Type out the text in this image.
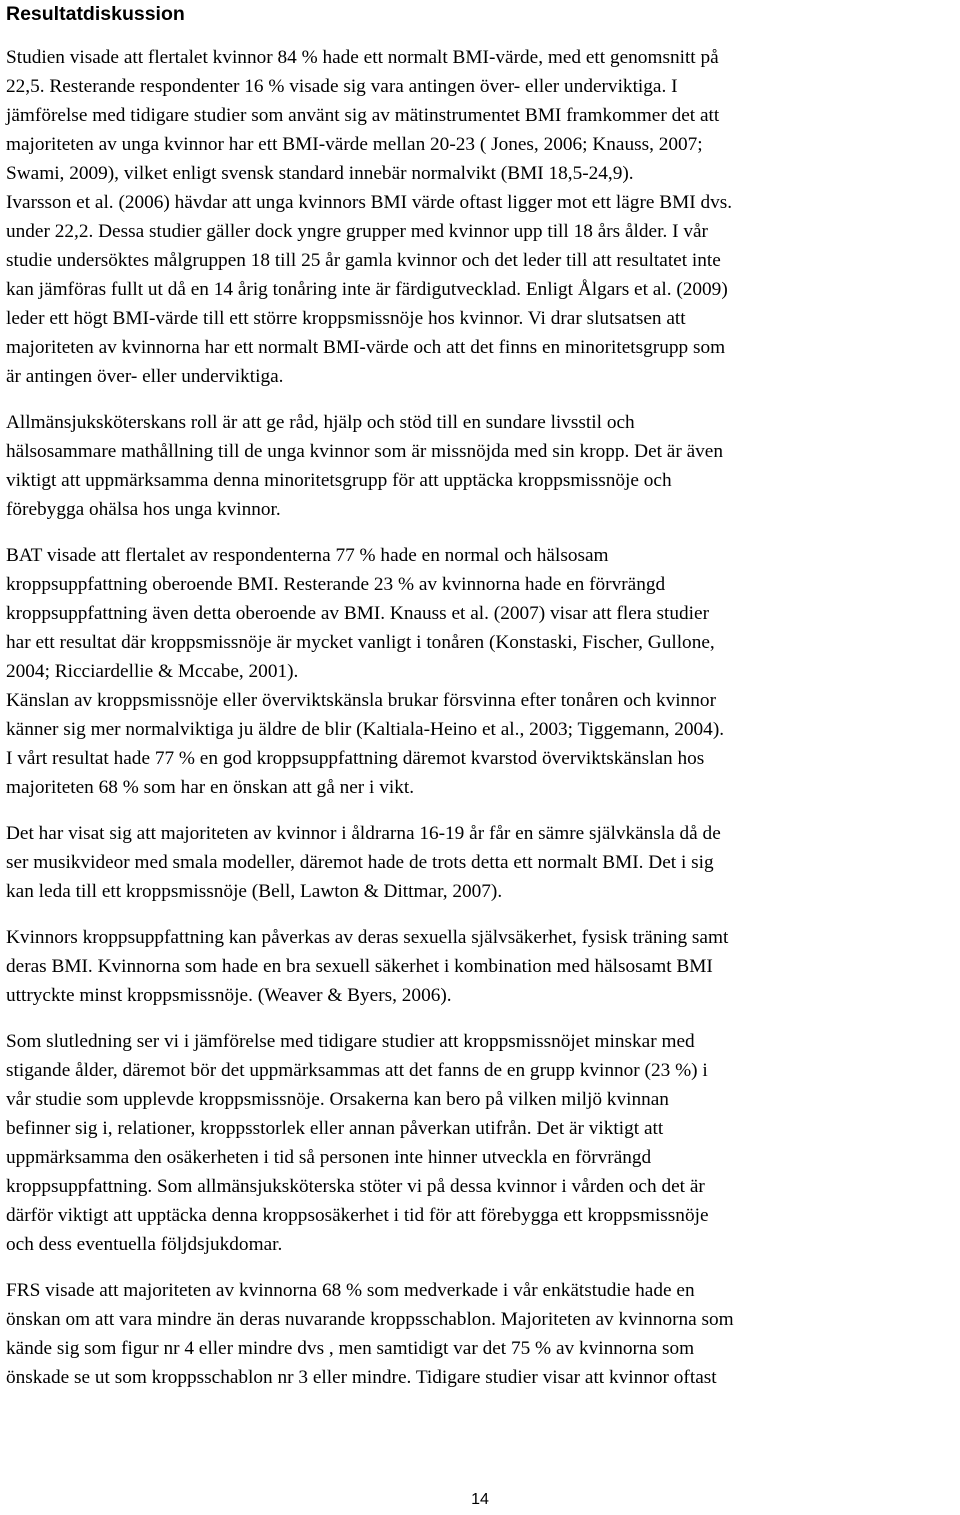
Resultatdiskussion

Studien visade att flertalet kvinnor 84 % hade ett normalt BMI-värde, med ett genomsnitt på
22,5. Resterande respondenter 16 % visade sig vara antingen över- eller underviktiga. I
jämförelse med tidigare studier som använt sig av mätinstrumentet BMI framkommer det att
majoriteten av unga kvinnor har ett BMI-värde mellan 20-23 ( Jones, 2006; Knauss, 2007;
Swami, 2009), vilket enligt svensk standard innebär normalvikt (BMI 18,5-24,9).
Ivarsson et al. (2006) hävdar att unga kvinnors BMI värde oftast ligger mot ett lägre BMI dvs.
under 22,2. Dessa studier gäller dock yngre grupper med kvinnor upp till 18 års ålder. I vår
studie undersöktes målgruppen 18 till 25 år gamla kvinnor och det leder till att resultatet inte
kan jämföras fullt ut då en 14 årig tonåring inte är färdigutvecklad. Enligt Ålgars et al. (2009)
leder ett högt BMI-värde till ett större kroppsmissnöje hos kvinnor. Vi drar slutsatsen att
majoriteten av kvinnorna har ett normalt BMI-värde och att det finns en minoritetsgrupp som
är antingen över- eller underviktiga.

Allmänsjuksköterskans roll är att ge råd, hjälp och stöd till en sundare livsstil och
hälsosammare mathållning till de unga kvinnor som är missnöjda med sin kropp. Det är även
viktigt att uppmärksamma denna minoritetsgrupp för att upptäcka kroppsmissnöje och
förebygga ohälsa hos unga kvinnor.

BAT visade att flertalet av respondenterna 77 % hade en normal och hälsosam
kroppsuppfattning oberoende BMI. Resterande 23 % av kvinnorna hade en förvrängd
kroppsuppfattning även detta oberoende av BMI. Knauss et al. (2007) visar att flera studier
har ett resultat där kroppsmissnöje är mycket vanligt i tonåren (Konstaski, Fischer, Gullone,
2004; Ricciardellie & Mccabe, 2001).
Känslan av kroppsmissnöje eller överviktskänsla brukar försvinna efter tonåren och kvinnor
känner sig mer normalviktiga ju äldre de blir (Kaltiala-Heino et al., 2003; Tiggemann, 2004).
I vårt resultat hade 77 % en god kroppsuppfattning däremot kvarstod överviktskänslan hos
majoriteten 68 % som har en önskan att gå ner i vikt.

Det har visat sig att majoriteten av kvinnor i åldrarna 16-19 år får en sämre självkänsla då de
ser musikvideor med smala modeller, däremot hade de trots detta ett normalt BMI. Det i sig
kan leda till ett kroppsmissnöje (Bell, Lawton & Dittmar, 2007).

Kvinnors kroppsuppfattning kan påverkas av deras sexuella självsäkerhet, fysisk träning samt
deras BMI. Kvinnorna som hade en bra sexuell säkerhet i kombination med hälsosamt BMI
uttryckte minst kroppsmissnöje. (Weaver & Byers, 2006).

Som slutledning ser vi i jämförelse med tidigare studier att kroppsmissnöjet minskar med
stigande ålder, däremot bör det uppmärksammas att det fanns de en grupp kvinnor (23 %) i
vår studie som upplevde kroppsmissnöje. Orsakerna kan bero på vilken miljö kvinnan
befinner sig i, relationer, kroppsstorlek eller annan påverkan utifrån. Det är viktigt att
uppmärksamma den osäkerheten i tid så personen inte hinner utveckla en förvrängd
kroppsuppfattning. Som allmänsjuksköterska stöter vi på dessa kvinnor i vården och det är
därför viktigt att upptäcka denna kroppsosäkerhet i tid för att förebygga ett kroppsmissnöje
och dess eventuella följdsjukdomar.

FRS visade att majoriteten av kvinnorna 68 % som medverkade i vår enkätstudie hade en
önskan om att vara mindre än deras nuvarande kroppsschablon. Majoriteten av kvinnorna som
kände sig som figur nr 4 eller mindre dvs , men samtidigt var det 75 % av kvinnorna som
önskade se ut som kroppsschablon nr 3 eller mindre. Tidigare studier visar att kvinnor oftast

14
